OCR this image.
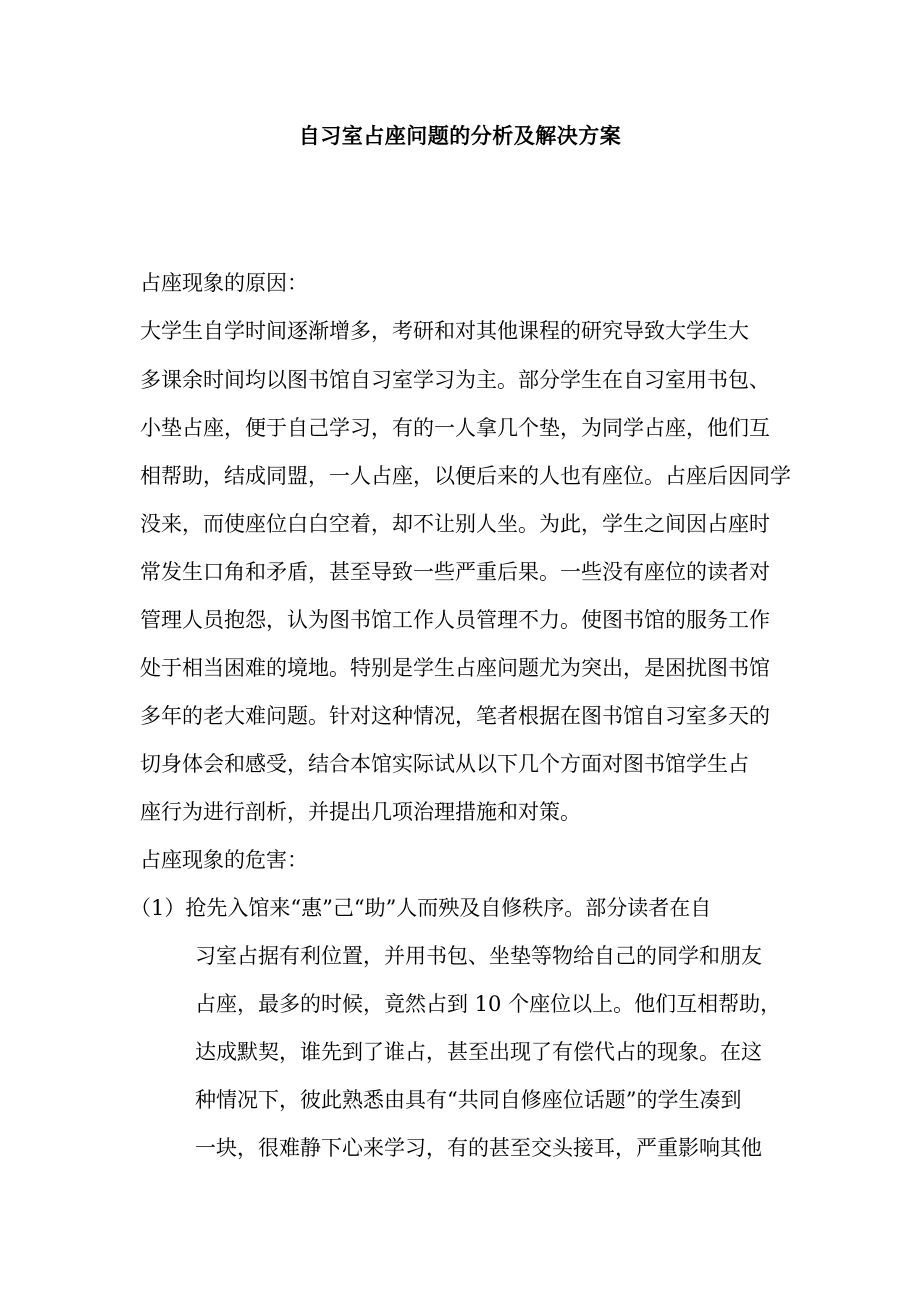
自习室占座问题的分析及解决方案
占座现象的原因：
大学生自学时间逐渐增多，考研和对其他课程的研究导致大学生大
多课余时间均以图书馆自习室学习为主。部分学生在自习室用书包、
小垫占座，便于自己学习，有的一人拿几个垫，为同学占座，他们互
相帮助，结成同盟，一人占座，以便后来的人也有座位。占座后因同学
没来，而使座位白白空着，却不让别人坐。为此，学生之间因占座时
常发生口角和矛盾，甚至导致一些严重后果。一些没有座位的读者对
管理人员抱怨，认为图书馆工作人员管理不力。使图书馆的服务工作
处于相当困难的境地。特别是学生占座问题尤为突出，是困扰图书馆
多年的老大难问题。针对这种情况，笔者根据在图书馆自习室多天的
切身体会和感受，结合本馆实际试从以下几个方面对图书馆学生占
座行为进行剖析，并提出几项治理措施和对策。
占座现象的危害：
（1）抢先入馆来“惠”己“助”人而殃及自修秩序。部分读者在自
习室占据有利位置，并用书包、坐垫等物给自己的同学和朋友
占座，最多的时候，竟然占到 10 个座位以上。他们互相帮助，
达成默契，谁先到了谁占，甚至出现了有偿代占的现象。在这
种情况下，彼此熟悉由具有“共同自修座位话题”的学生凑到
一块，很难静下心来学习，有的甚至交头接耳，严重影响其他
